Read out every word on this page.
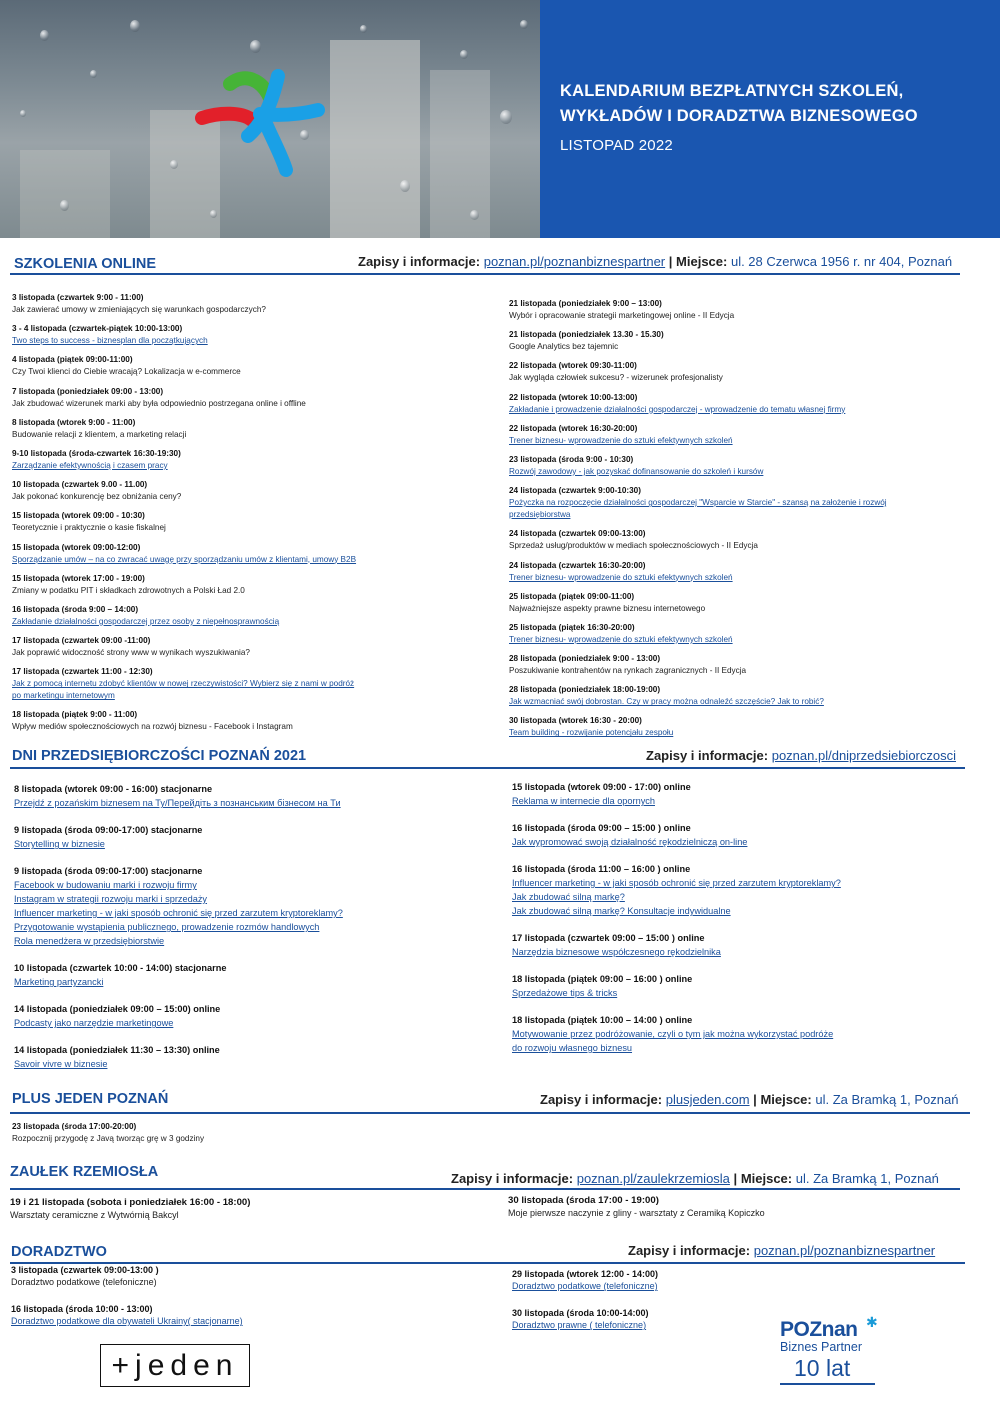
KALENDARIUM BEZPŁATNYCH SZKOLEŃ,
WYKŁADÓW I DORADZTWA BIZNESOWEGO
LISTOPAD 2022
SZKOLENIA ONLINE	Zapisy i informacje: poznan.pl/poznanbiznespartner | Miejsce: ul. 28 Czerwca 1956 r. nr 404, Poznań
3 listopada (czwartek 9:00 - 11:00)
Jak zawierać umowy w zmieniających się warunkach gospodarczych?
3 - 4 listopada (czwartek-piątek 10:00-13:00)
Two steps to success - biznesplan dla początkujących
4 listopada (piątek 09:00-11:00)
Czy Twoi klienci do Ciebie wracają? Lokalizacja w e-commerce
7 listopada (poniedziałek 09:00 - 13:00)
Jak zbudować wizerunek marki aby była odpowiednio postrzegana online i offline
8 listopada (wtorek 9:00 - 11:00)
Budowanie relacji z klientem, a marketing relacji
9-10 listopada (środa-czwartek 16:30-19:30)
Zarządzanie efektywnością i czasem pracy
10 listopada (czwartek 9.00 - 11.00)
Jak pokonać konkurencję bez obniżania ceny?
15 listopada (wtorek 09:00 - 10:30)
Teoretycznie i praktycznie o kasie fiskalnej
15 listopada (wtorek 09:00-12:00)
Sporządzanie umów – na co zwracać uwagę przy sporządzaniu umów z klientami, umowy B2B
15 listopada (wtorek 17:00 - 19:00)
Zmiany w podatku PIT i składkach zdrowotnych a Polski Ład 2.0
16 listopada (środa 9:00 – 14:00)
Zakładanie działalności gospodarczej przez osoby z niepełnosprawnością
17 listopada (czwartek 09:00 -11:00)
Jak poprawić widoczność strony www w wynikach wyszukiwania?
17 listopada (czwartek 11:00 - 12:30)
Jak z pomocą internetu zdobyć klientów w nowej rzeczywistości? Wybierz się z nami w podróż
po marketingu internetowym
18 listopada (piątek 9:00 - 11:00)
Wpływ mediów społecznościowych na rozwój biznesu - Facebook i Instagram
21 listopada (poniedziałek 9:00 – 13:00)
Wybór i opracowanie strategii marketingowej online - II Edycja
21 listopada (poniedziałek 13.30 - 15.30)
Google Analytics bez tajemnic
22 listopada (wtorek 09:30-11:00)
Jak wygląda człowiek sukcesu? - wizerunek profesjonalisty
22 listopada (wtorek 10:00-13:00)
Zakładanie i prowadzenie działalności gospodarczej - wprowadzenie do tematu własnej firmy
22 listopada (wtorek 16:30-20:00)
Trener biznesu- wprowadzenie do sztuki efektywnych szkoleń
23 listopada (środa 9:00 - 10:30)
Rozwój zawodowy - jak pozyskać dofinansowanie do szkoleń i kursów
24 listopada (czwartek 9:00-10:30)
Pożyczka na rozpoczęcie działalności gospodarczej "Wsparcie w Starcie" - szansą na założenie i rozwój
przedsiębiorstwa
24 listopada (czwartek 09:00-13:00)
Sprzedaż usług/produktów w mediach społecznościowych - II Edycja
24 listopada (czwartek 16:30-20:00)
Trener biznesu- wprowadzenie do sztuki efektywnych szkoleń
25 listopada (piątek 09:00-11:00)
Najważniejsze aspekty prawne biznesu internetowego
25 listopada (piątek 16:30-20:00)
Trener biznesu- wprowadzenie do sztuki efektywnych szkoleń
28 listopada (poniedziałek 9:00 - 13:00)
Poszukiwanie kontrahentów na rynkach zagranicznych - II Edycja
28 listopada (poniedziałek 18:00-19:00)
Jak wzmacniać swój dobrostan. Czy w pracy można odnaleźć szczęście? Jak to robić?
30 listopada (wtorek 16:30 - 20:00)
Team building - rozwijanie potencjału zespołu
DNI PRZEDSIĘBIORCZOŚCI POZNAŃ 2021	Zapisy i informacje: poznan.pl/dniprzedsiebiorczosci
8 listopada (wtorek 09:00 - 16:00) stacjonarne
Przejdź z pozańskim biznesem na Ty/Перейдіть з познанським бізнесом на Ти
9 listopada (środa 09:00-17:00) stacjonarne
Storytelling w biznesie
9 listopada (środa 09:00-17:00) stacjonarne
Facebook w budowaniu marki i rozwoju firmy
Instagram w strategii rozwoju marki i sprzedaży
Influencer marketing - w jaki sposób ochronić się przed zarzutem kryptoreklamy?
Przygotowanie wystąpienia publicznego, prowadzenie rozmów handlowych
Rola menedżera w przedsiębiorstwie
10 listopada (czwartek 10:00 - 14:00) stacjonarne
Marketing partyzancki
14 listopada (poniedziałek 09:00 – 15:00) online
Podcasty jako narzędzie marketingowe
14 listopada (poniedziałek 11:30 – 13:30) online
Savoir vivre w biznesie
15 listopada (wtorek 09:00 - 17:00) online
Reklama w internecie dla opornych
16 listopada (środa 09:00 – 15:00 ) online
Jak wypromować swoją działalność rękodzielniczą on-line
16 listopada (środa 11:00 – 16:00 ) online
Influencer marketing - w jaki sposób ochronić się przed zarzutem kryptoreklamy?
Jak zbudować silną markę?
Jak zbudować silną markę? Konsultacje indywidualne
17 listopada (czwartek 09:00 – 15:00 ) online
Narzędzia biznesowe współczesnego rękodzielnika
18 listopada (piątek 09:00 – 16:00 ) online
Sprzedażowe tips & tricks
18 listopada (piątek 10:00 – 14:00 ) online
Motywowanie przez podróżowanie, czyli o tym jak można wykorzystać podróże
do rozwoju własnego biznesu
PLUS JEDEN POZNAŃ	Zapisy i informacje: plusjeden.com | Miejsce: ul. Za Bramką 1, Poznań
23 listopada (środa 17:00-20:00)
Rozpocznij przygodę z Javą tworząc grę w 3 godziny
ZAUŁEK RZEMIOSŁA	Zapisy i informacje: poznan.pl/zaulekrzemiosla | Miejsce: ul. Za Bramką 1, Poznań
19 i 21 listopada (sobota i poniedziałek 16:00 - 18:00)
Warsztaty ceramiczne z Wytwórnią Bakcyl
30 listopada (środa 17:00 - 19:00)
Moje pierwsze naczynie z gliny - warsztaty z Ceramiką Kopiczko
DORADZTWO	Zapisy i informacje: poznan.pl/poznanbiznespartner
3 listopada (czwartek 09:00-13:00 )
Doradztwo podatkowe (telefoniczne)
16 listopada (środa 10:00 - 13:00)
Doradztwo podatkowe dla obywateli Ukrainy( stacjonarne)
29 listopada (wtorek 12:00 - 14:00)
Doradztwo podatkowe (telefoniczne)
30 listopada (środa 10:00-14:00)
Doradztwo prawne ( telefoniczne)
+jeden
✱
POZnan
Biznes Partner
10 lat
